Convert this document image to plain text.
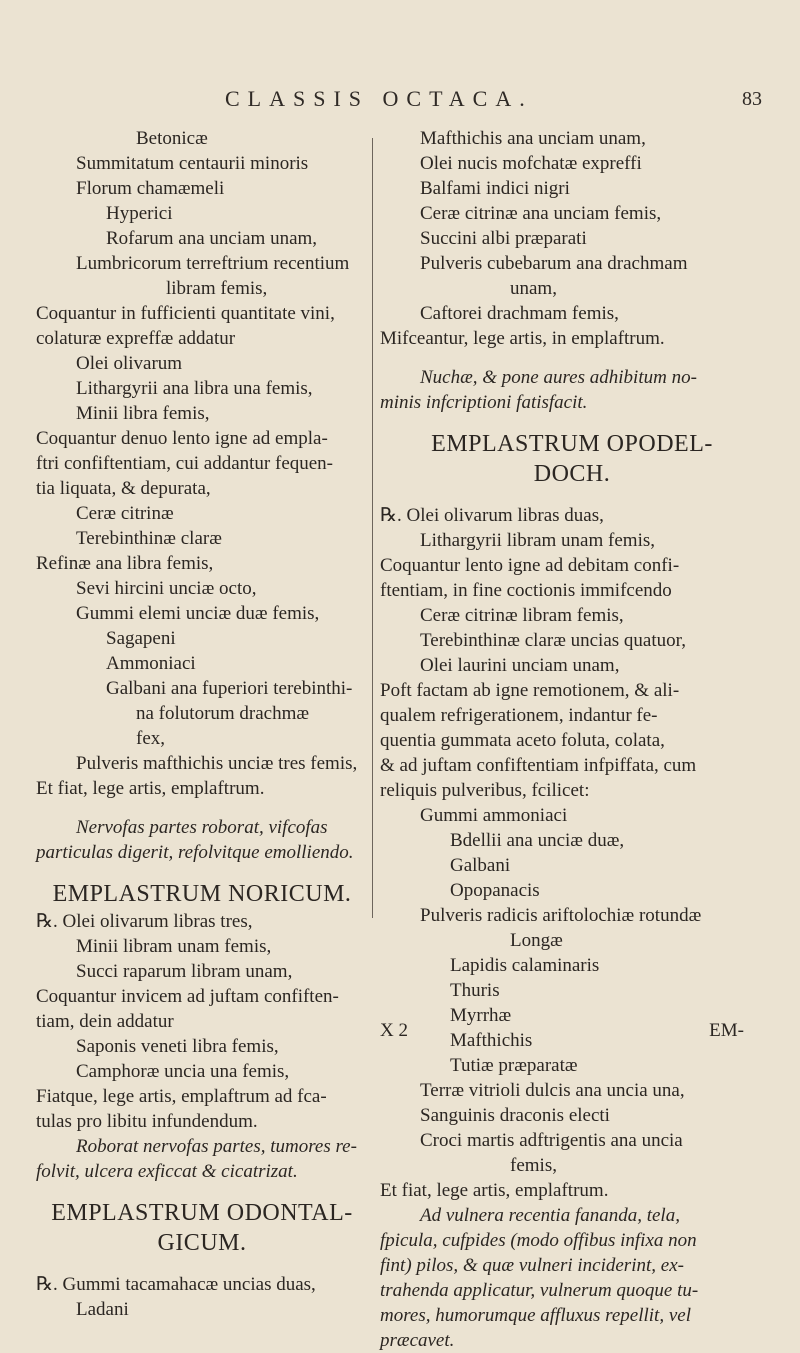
CLASSIS OCTACA.	83
Betonicæ
Summitatum centaurii minoris
Florum chamæmeli
Hyperici
Rofarum ana unciam unam,
Lumbricorum terreftrium recentium
libram femis,
Coquantur in fufficienti quantitate vini,
colaturæ expreffæ addatur
Olei olivarum
Lithargyrii ana libra una femis,
Minii libra femis,
Coquantur denuo lento igne ad empla-
ftri confiftentiam, cui addantur fequen-
tia liquata, & depurata,
Ceræ citrinæ
Terebinthinæ claræ
Refinæ ana libra femis,
Sevi hircini unciæ octo,
Gummi elemi unciæ duæ femis,
Sagapeni
Ammoniaci
Galbani ana fuperiori terebinthi-
na folutorum drachmæ
fex,
Pulveris mafthichis unciæ tres femis,
Et fiat, lege artis, emplaftrum.
Nervofas partes roborat, vifcofas
particulas digerit, refolvitque emolliendo.
EMPLASTRUM NORICUM.
℞. Olei olivarum libras tres,
Minii libram unam femis,
Succi raparum libram unam,
Coquantur invicem ad juftam confiften-
tiam, dein addatur
Saponis veneti libra femis,
Camphoræ uncia una femis,
Fiatque, lege artis, emplaftrum ad fca-
tulas pro libitu infundendum.
Roborat nervofas partes, tumores re-
folvit, ulcera exficcat & cicatrizat.
EMPLASTRUM ODONTAL-
GICUM.
℞. Gummi tacamahacæ uncias duas,
Ladani
Mafthichis ana unciam unam,
Olei nucis mofchatæ expreffi
Balfami indici nigri
Ceræ citrinæ ana unciam femis,
Succini albi præparati
Pulveris cubebarum ana drachmam
unam,
Caftorei drachmam femis,
Mifceantur, lege artis, in emplaftrum.
Nuchæ, & pone aures adhibitum no-
minis infcriptioni fatisfacit.
EMPLASTRUM OPODEL-
DOCH.
℞. Olei olivarum libras duas,
Lithargyrii libram unam femis,
Coquantur lento igne ad debitam confi-
ftentiam, in fine coctionis immifcendo
Ceræ citrinæ libram femis,
Terebinthinæ claræ uncias quatuor,
Olei laurini unciam unam,
Poft factam ab igne remotionem, & ali-
qualem refrigerationem, indantur fe-
quentia gummata aceto foluta, colata,
& ad juftam confiftentiam infpiffata, cum
reliquis pulveribus, fcilicet:
Gummi ammoniaci
Bdellii ana unciæ duæ,
Galbani
Opopanacis
Pulveris radicis ariftolochiæ rotundæ
Longæ
Lapidis calaminaris
Thuris
Myrrhæ
Mafthichis
Tutiæ præparatæ
Terræ vitrioli dulcis ana uncia una,
Sanguinis draconis electi
Croci martis adftrigentis ana uncia
femis,
Et fiat, lege artis, emplaftrum.
Ad vulnera recentia fananda, tela,
fpicula, cufpides (modo offibus infixa non
fint) pilos, & quæ vulneri inciderint, ex-
trahenda applicatur, vulnerum quoque tu-
mores, humorumque affluxus repellit, vel
præcavet.
X 2	EM-
